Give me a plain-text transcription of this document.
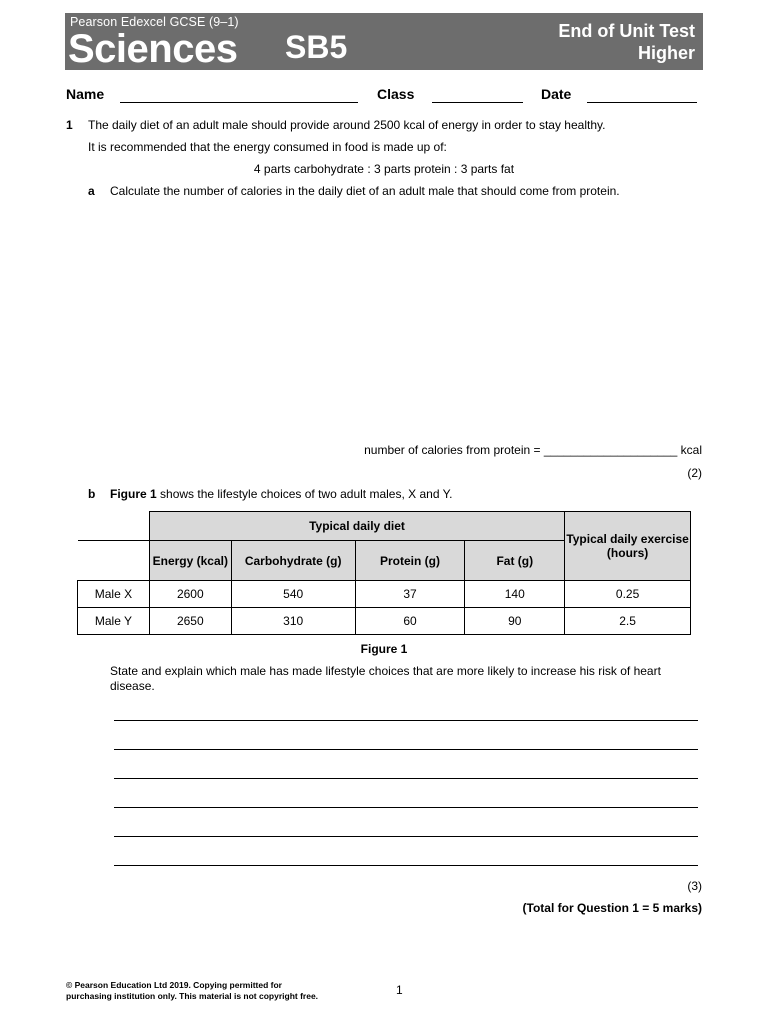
Pearson Edexcel GCSE (9–1)
Sciences SB5	End of Unit Test
Higher
Name	Class	Date
1 The daily diet of an adult male should provide around 2500 kcal of energy in order to stay healthy.
It is recommended that the energy consumed in food is made up of:
4 parts carbohydrate : 3 parts protein : 3 parts fat
a Calculate the number of calories in the daily diet of an adult male that should come from protein.
number of calories from protein = ____________________ kcal
(2)
b Figure 1 shows the lifestyle choices of two adult males, X and Y.
	Typical daily diet				Typical daily exercise (hours)
	Energy (kcal)	Carbohydrate (g)	Protein (g)	Fat (g)	
Male X	2600	540	37	140	0.25
Male Y	2650	310	60	90	2.5
Figure 1
State and explain which male has made lifestyle choices that are more likely to increase his risk of heart disease.
(3)
(Total for Question 1 = 5 marks)
© Pearson Education Ltd 2019. Copying permitted for
purchasing institution only. This material is not copyright free.	1
